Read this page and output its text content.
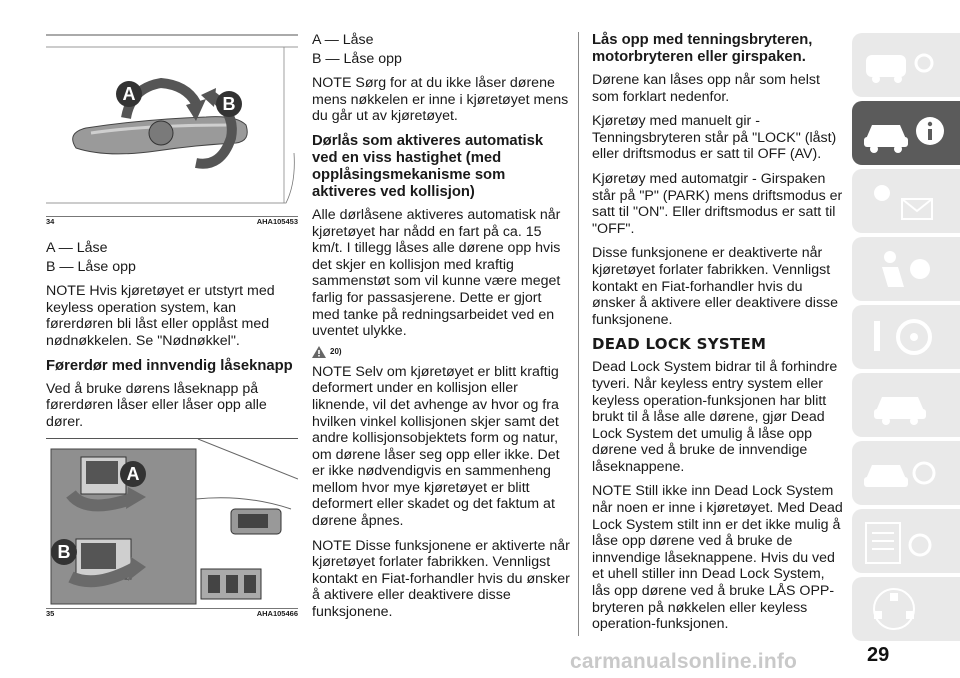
A	B
34	AHA105453

A — Låse

B — Låse opp

NOTE Hvis kjøretøyet er utstyrt med keyless operation system, kan førerdøren bli låst eller opplåst med nødnøkkelen. Se "Nødnøkkel".

Førerdør med innvendig låseknapp

Ved å bruke dørens låseknapp på førerdøren låser eller låser opp alle dører.

A
B
35	AHA105466

A — Låse

B — Låse opp

NOTE Sørg for at du ikke låser dørene mens nøkkelen er inne i kjøretøyet mens du går ut av kjøretøyet.

Dørlås som aktiveres automatisk ved en viss hastighet (med opplåsingsmekanisme som aktiveres ved kollisjon)

Alle dørlåsene aktiveres automatisk når kjøretøyet har nådd en fart på ca. 15 km/t. I tillegg låses alle dørene opp hvis det skjer en kollisjon med kraftig sammenstøt som vil kunne være meget farlig for passasjerene. Dette er gjort med tanke på redningsarbeidet ved en uventet ulykke.

20)

NOTE Selv om kjøretøyet er blitt kraftig deformert under en kollisjon eller liknende, vil det avhenge av hvor og fra hvilken vinkel kollisjonen skjer samt det andre kollisjonsobjektets form og natur, om dørene låser seg opp eller ikke. Det er ikke nødvendigvis en sammenheng mellom hvor mye kjøretøyet er blitt deformert eller skadet og det faktum at dørene åpnes.

NOTE Disse funksjonene er aktiverte når kjøretøyet forlater fabrikken. Vennligst kontakt en Fiat-forhandler hvis du ønsker å aktivere eller deaktivere disse funksjonene.

Lås opp med tenningsbryteren, motorbryteren eller girspaken.

Dørene kan låses opp når som helst som forklart nedenfor.

Kjøretøy med manuelt gir - Tenningsbryteren står på "LOCK" (låst) eller driftsmodus er satt til OFF (AV).

Kjøretøy med automatgir - Girspaken står på "P" (PARK) mens driftsmodus er satt til "ON". Eller driftsmodus er satt til "OFF".

Disse funksjonene er deaktiverte når kjøretøyet forlater fabrikken. Vennligst kontakt en Fiat-forhandler hvis du ønsker å aktivere eller deaktivere disse funksjonene.

DEAD LOCK SYSTEM

Dead Lock System bidrar til å forhindre tyveri. Når keyless entry system eller keyless operation-funksjonen har blitt brukt til å låse alle dørene, gjør Dead Lock System det umulig å låse opp dørene ved å bruke de innvendige låseknappene.

NOTE Still ikke inn Dead Lock System når noen er inne i kjøretøyet. Med Dead Lock System stilt inn er det ikke mulig å låse opp dørene ved å bruke de innvendige låseknappene. Hvis du ved et uhell stiller inn Dead Lock System, lås opp dørene ved å bruke LÅS OPP-bryteren på nøkkelen eller keyless operation-funksjonen.

29
carmanualsonline.info
